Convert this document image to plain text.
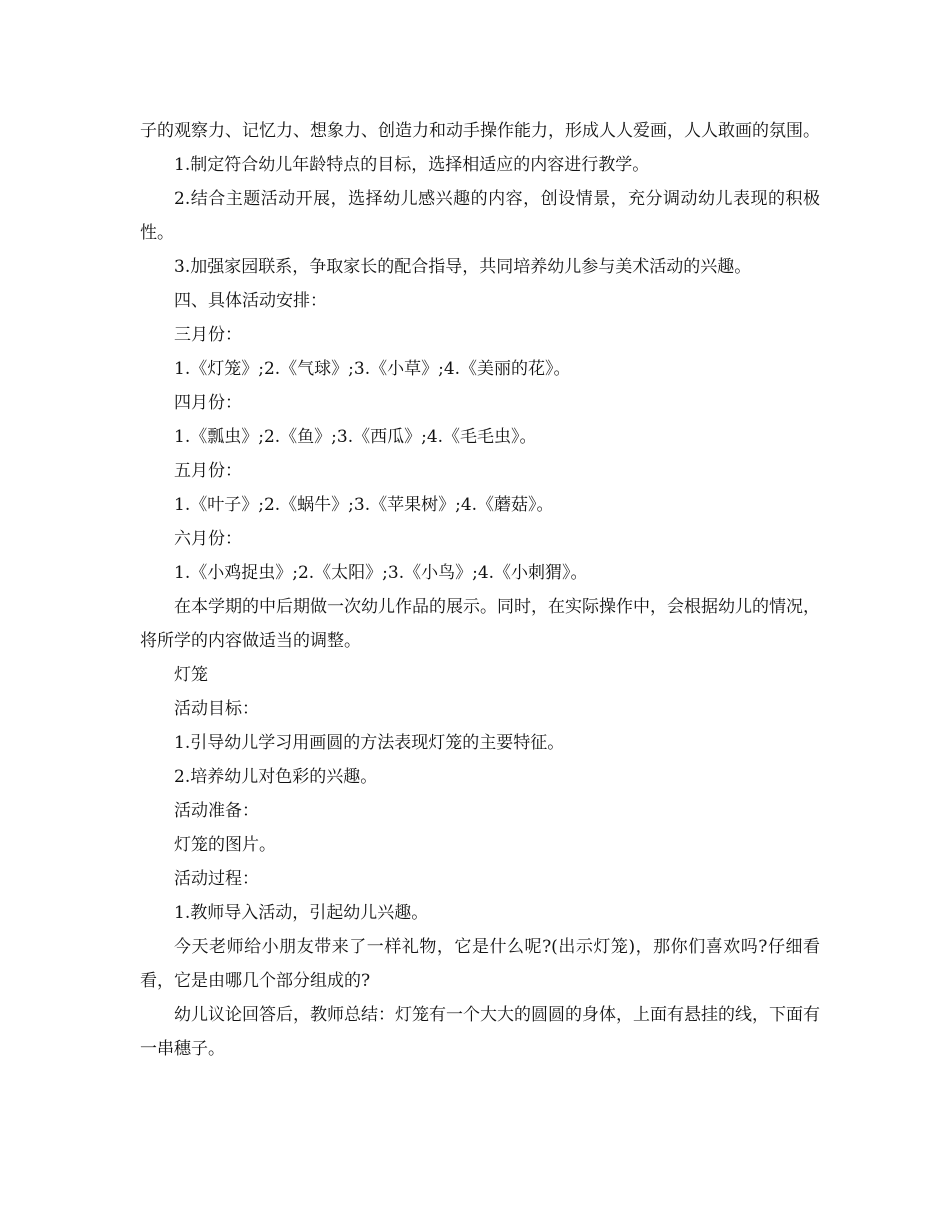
子的观察力、记忆力、想象力、创造力和动手操作能力，形成人人爱画，人人敢画的氛围。

1.制定符合幼儿年龄特点的目标，选择相适应的内容进行教学。

2.结合主题活动开展，选择幼儿感兴趣的内容，创设情景，充分调动幼儿表现的积极性。

3.加强家园联系，争取家长的配合指导，共同培养幼儿参与美术活动的兴趣。

四、具体活动安排：

三月份：

1.《灯笼》;2.《气球》;3.《小草》;4.《美丽的花》。

四月份：

1.《瓢虫》;2.《鱼》;3.《西瓜》;4.《毛毛虫》。

五月份：

1.《叶子》;2.《蜗牛》;3.《苹果树》;4.《蘑菇》。

六月份：

1.《小鸡捉虫》;2.《太阳》;3.《小鸟》;4.《小刺猬》。

在本学期的中后期做一次幼儿作品的展示。同时，在实际操作中，会根据幼儿的情况，将所学的内容做适当的调整。

灯笼

活动目标：

1.引导幼儿学习用画圆的方法表现灯笼的主要特征。

2.培养幼儿对色彩的兴趣。

活动准备：

灯笼的图片。

活动过程：

1.教师导入活动，引起幼儿兴趣。

今天老师给小朋友带来了一样礼物，它是什么呢?(出示灯笼)，那你们喜欢吗?仔细看看，它是由哪几个部分组成的?

幼儿议论回答后，教师总结：灯笼有一个大大的圆圆的身体，上面有悬挂的线，下面有一串穗子。
